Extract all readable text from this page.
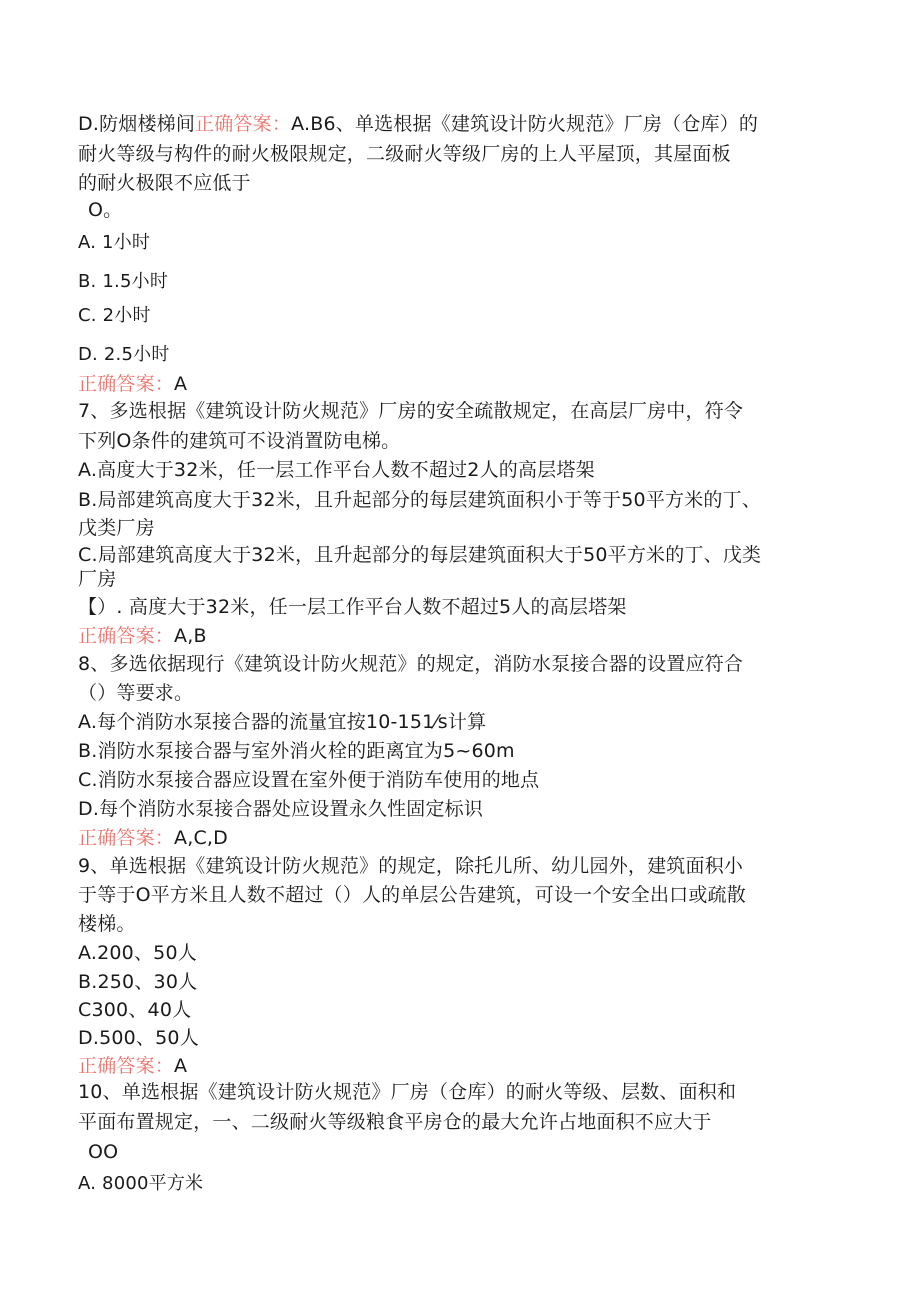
D.防烟楼梯间正确答案：A.B6、单选根据《建筑设计防火规范》厂房（仓库）的
耐火等级与构件的耐火极限规定，二级耐火等级厂房的上人平屋顶，其屋面板
的耐火极限不应低于
O。
A. 1小时
B. 1.5小时
C. 2小时
D. 2.5小时
正确答案：A
7、多选根据《建筑设计防火规范》厂房的安全疏散规定，在高层厂房中，符令
下列O条件的建筑可不设消置防电梯。
A.高度大于32米，任一层工作平台人数不超过2人的高层塔架
B.局部建筑高度大于32米，且升起部分的每层建筑面积小于等于50平方米的丁、
戊类厂房
C.局部建筑高度大于32米，且升起部分的每层建筑面积大于50平方米的丁、戊类
厂房
【）. 高度大于32米，任一层工作平台人数不超过5人的高层塔架
正确答案：A,B
8、多选依据现行《建筑设计防火规范》的规定，消防水泵接合器的设置应符合
（）等要求。
A.每个消防水泵接合器的流量宜按10-151⁄s计算
B.消防水泵接合器与室外消火栓的距离宜为5~60m
C.消防水泵接合器应设置在室外便于消防车使用的地点
D.每个消防水泵接合器处应设置永久性固定标识
正确答案：A,C,D
9、单选根据《建筑设计防火规范》的规定，除托儿所、幼儿园外，建筑面积小
于等于O平方米且人数不超过（）人的单层公告建筑，可设一个安全出口或疏散
楼梯。
A.200、50人
B.250、30人
C300、40人
D.500、50人
正确答案：A
10、单选根据《建筑设计防火规范》厂房（仓库）的耐火等级、层数、面积和
平面布置规定，一、二级耐火等级粮食平房仓的最大允许占地面积不应大于
OO
A. 8000平方米
